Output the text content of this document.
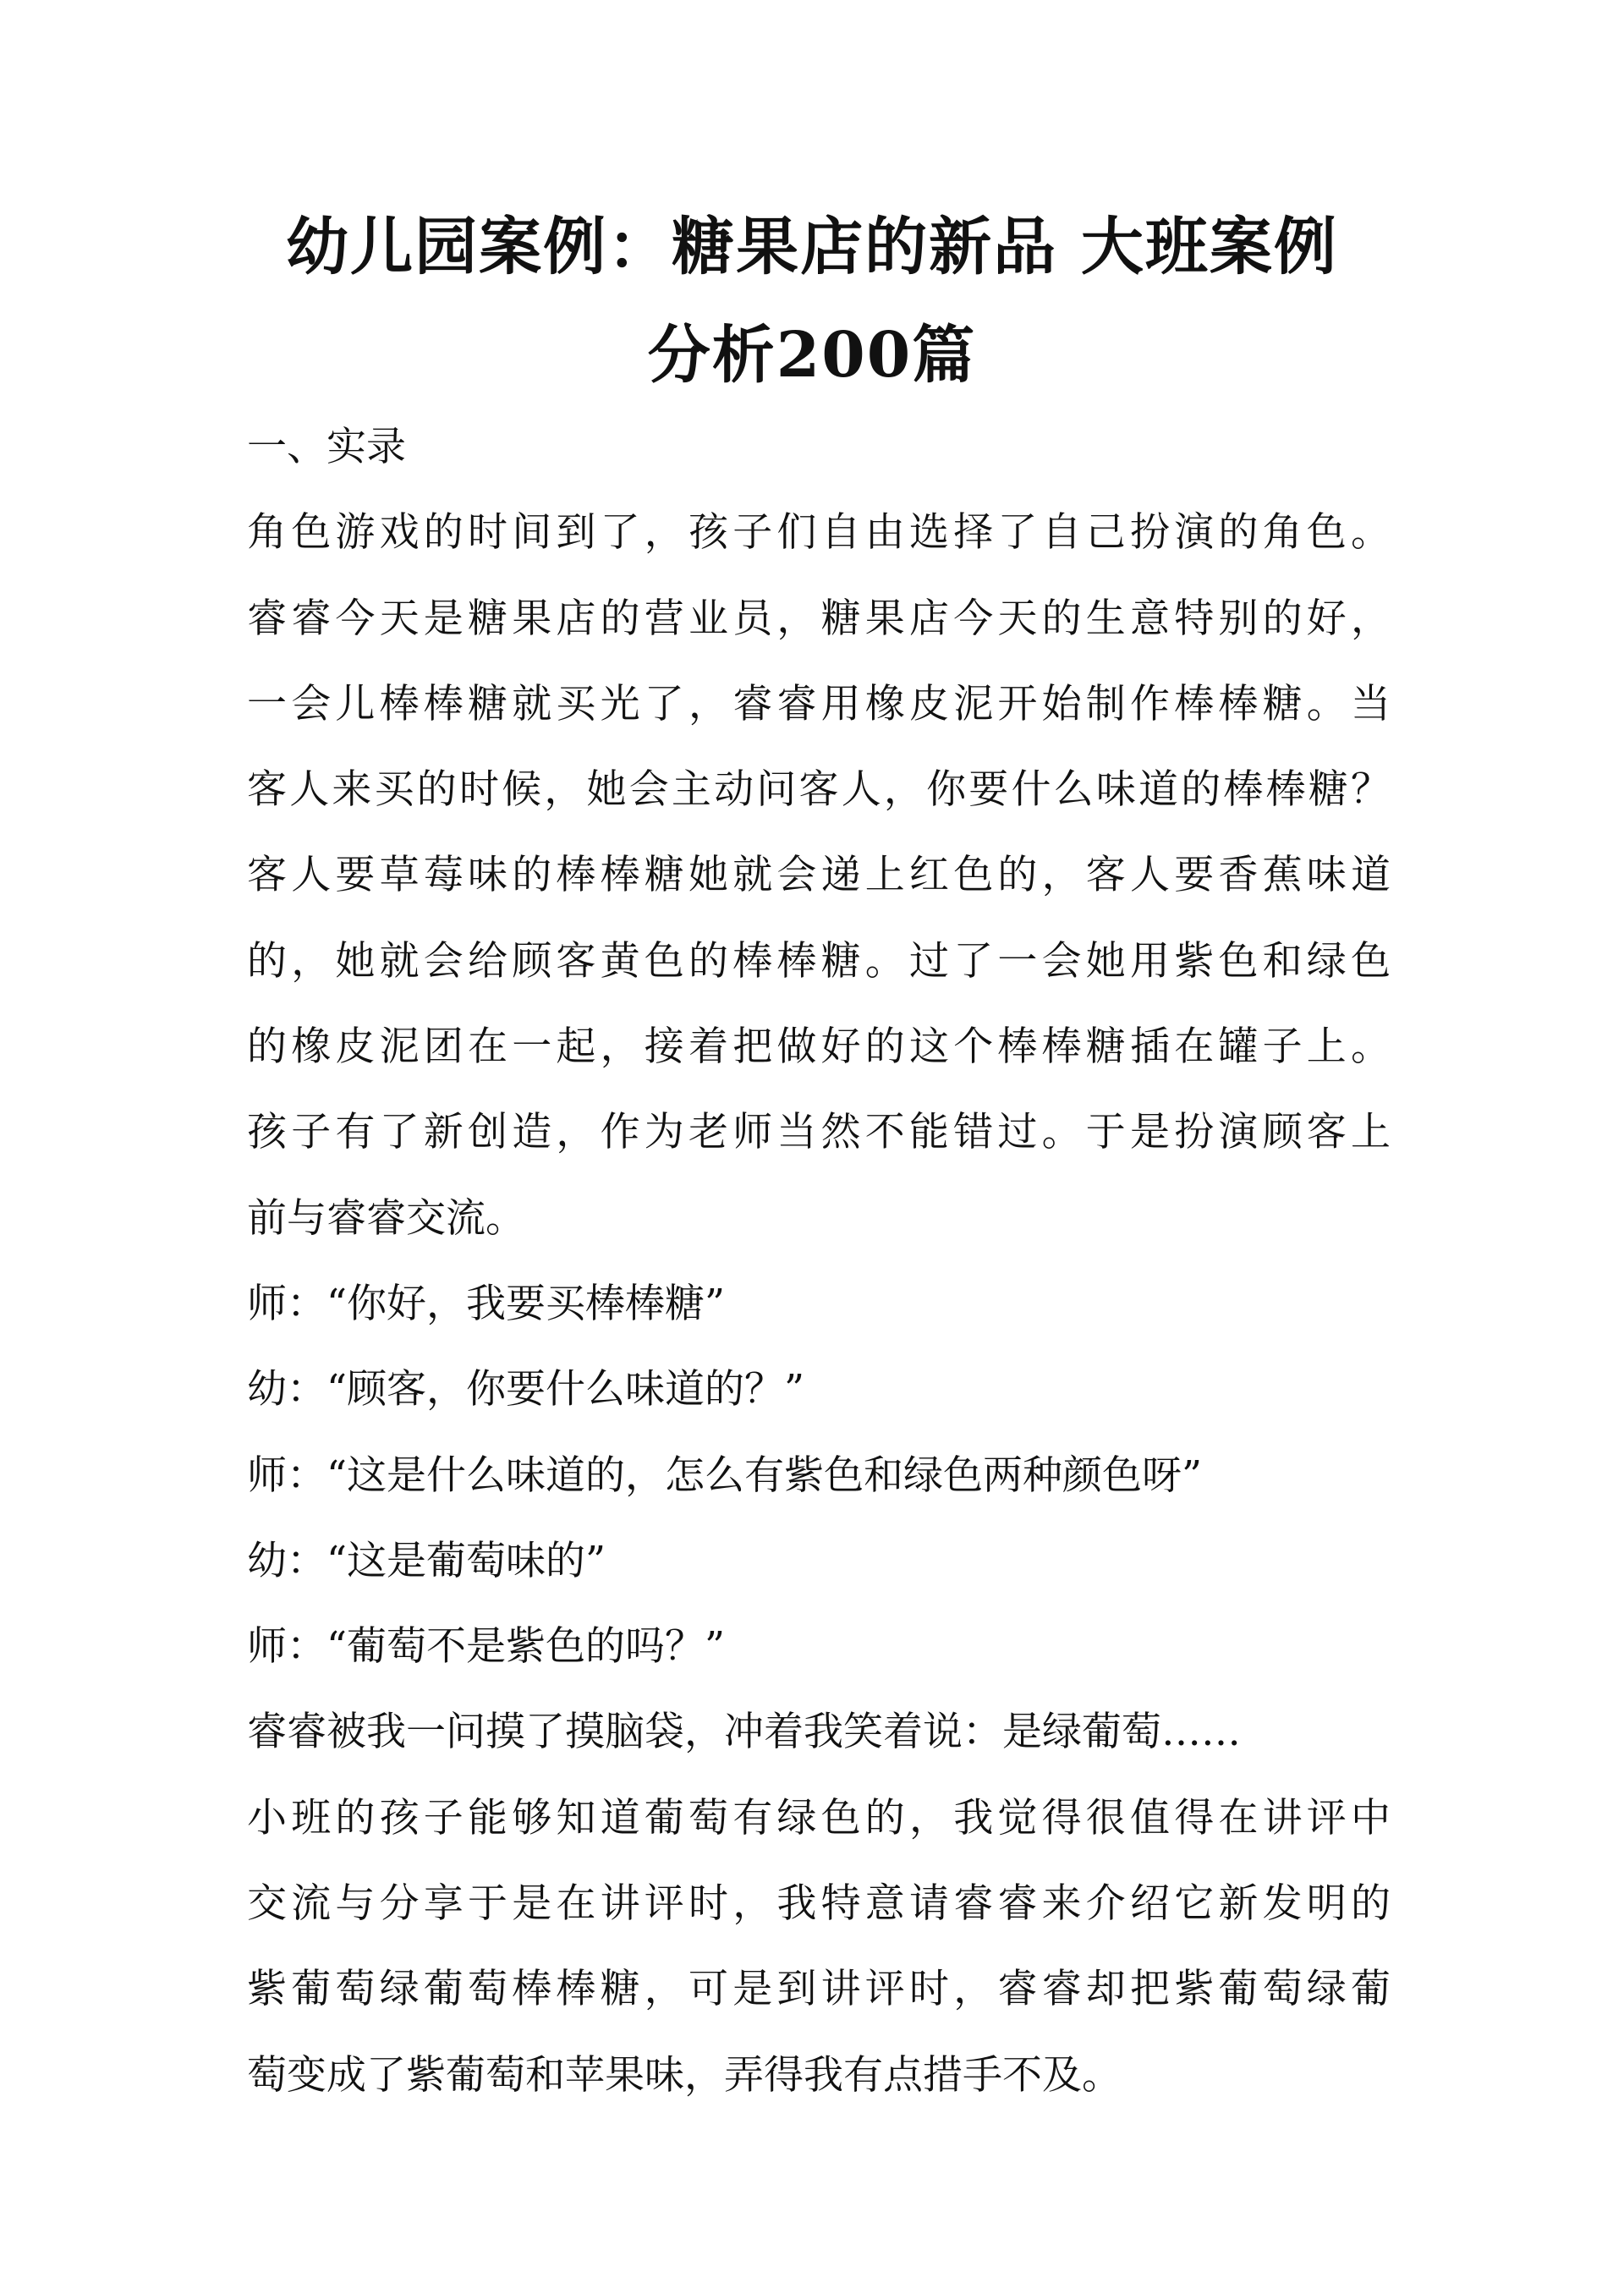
幼儿园案例：糖果店的新品 大班案例
分析200篇
一、实录
角色游戏的时间到了，孩子们自由选择了自己扮演的角色。
睿睿今天是糖果店的营业员，糖果店今天的生意特别的好，
一会儿棒棒糖就买光了，睿睿用橡皮泥开始制作棒棒糖。当
客人来买的时候，她会主动问客人，你要什么味道的棒棒糖？
客人要草莓味的棒棒糖她就会递上红色的，客人要香蕉味道
的，她就会给顾客黄色的棒棒糖。过了一会她用紫色和绿色
的橡皮泥团在一起，接着把做好的这个棒棒糖插在罐子上。
孩子有了新创造，作为老师当然不能错过。于是扮演顾客上
前与睿睿交流。
师：“你好，我要买棒棒糖”
幼：“顾客，你要什么味道的？”
师：“这是什么味道的，怎么有紫色和绿色两种颜色呀”
幼：“这是葡萄味的”
师：“葡萄不是紫色的吗？”
睿睿被我一问摸了摸脑袋，冲着我笑着说：是绿葡萄……
小班的孩子能够知道葡萄有绿色的，我觉得很值得在讲评中
交流与分享于是在讲评时，我特意请睿睿来介绍它新发明的
紫葡萄绿葡萄棒棒糖，可是到讲评时，睿睿却把紫葡萄绿葡
萄变成了紫葡萄和苹果味，弄得我有点措手不及。
